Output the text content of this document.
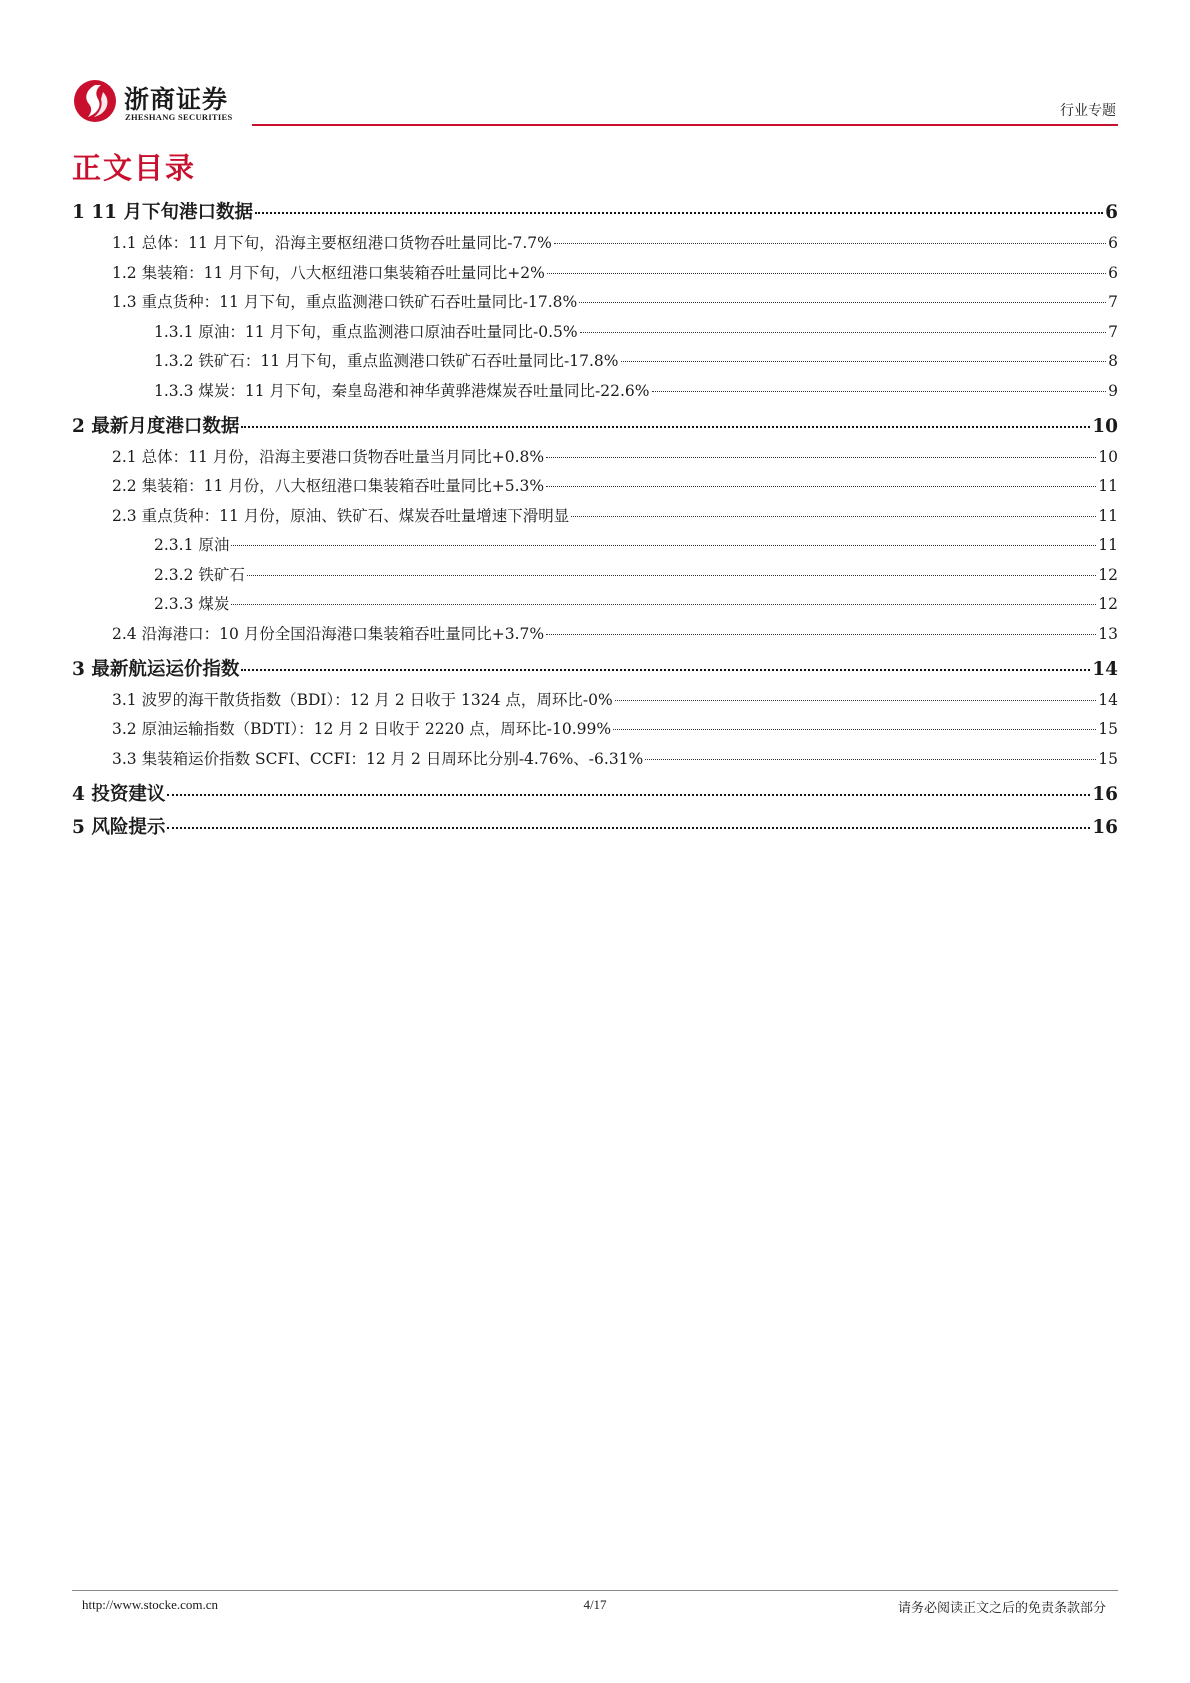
浙商证券
ZHESHANG SECURITIES	行业专题
正文目录
1 11 月下旬港口数据	6
1.1 总体：11 月下旬，沿海主要枢纽港口货物吞吐量同比-7.7%	6
1.2 集装箱：11 月下旬，八大枢纽港口集装箱吞吐量同比+2%	6
1.3 重点货种：11 月下旬，重点监测港口铁矿石吞吐量同比-17.8%	7
1.3.1 原油：11 月下旬，重点监测港口原油吞吐量同比-0.5%	7
1.3.2 铁矿石：11 月下旬，重点监测港口铁矿石吞吐量同比-17.8%	8
1.3.3 煤炭：11 月下旬，秦皇岛港和神华黄骅港煤炭吞吐量同比-22.6%	9
2 最新月度港口数据	10
2.1 总体：11 月份，沿海主要港口货物吞吐量当月同比+0.8%	10
2.2 集装箱：11 月份，八大枢纽港口集装箱吞吐量同比+5.3%	11
2.3 重点货种：11 月份，原油、铁矿石、煤炭吞吐量增速下滑明显	11
2.3.1 原油	11
2.3.2 铁矿石	12
2.3.3 煤炭	12
2.4 沿海港口：10 月份全国沿海港口集装箱吞吐量同比+3.7%	13
3 最新航运运价指数	14
3.1 波罗的海干散货指数（BDI）：12 月 2 日收于 1324 点，周环比-0%	14
3.2 原油运输指数（BDTI）：12 月 2 日收于 2220 点，周环比-10.99%	15
3.3 集装箱运价指数 SCFI、CCFI：12 月 2 日周环比分别-4.76%、-6.31%	15
4 投资建议	16
5 风险提示	16
http://www.stocke.com.cn	4/17	请务必阅读正文之后的免责条款部分
